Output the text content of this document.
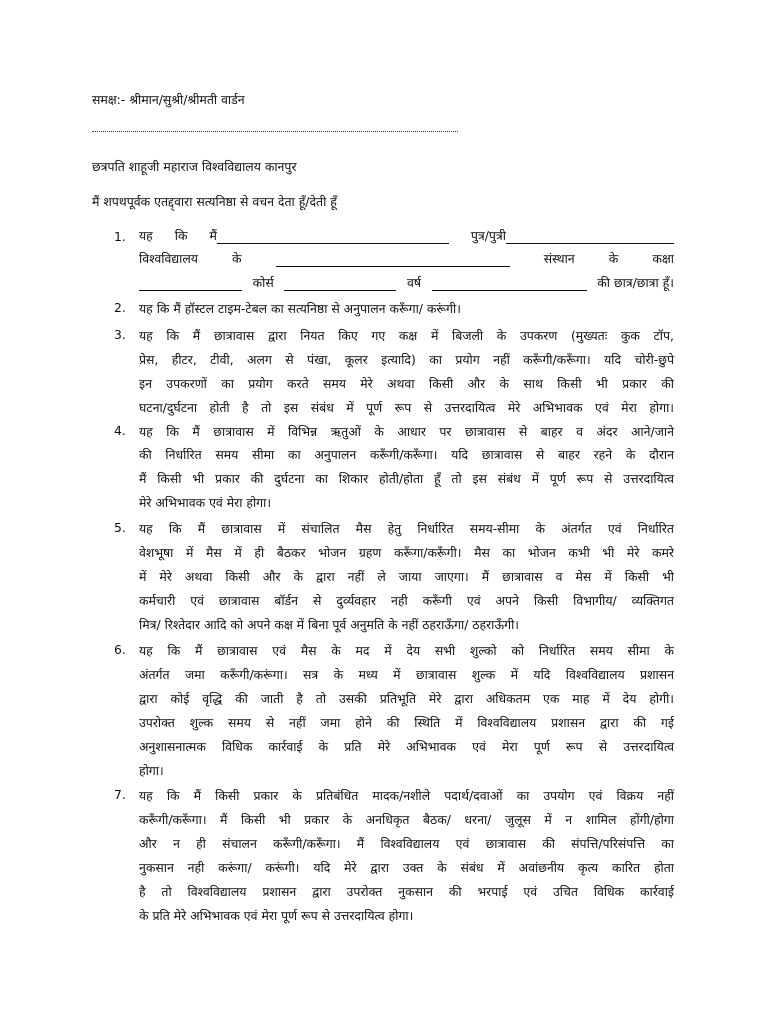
समक्ष:- श्रीमान/सुश्री/श्रीमती वार्डन
छत्रपति शाहूजी महाराज विश्वविद्यालय कानपुर
मैं शपथपूर्वक एतद्द्वारा सत्यनिष्ठा से वचन देता हूँ/देती हूँ
1. यह कि मैं	पुत्र/पुत्री
विश्वविद्यालय	के	संस्थान	के	कक्षा
कोर्स	वर्ष	की छात्र/छात्रा हूँ।
2. यह कि मैं हॉस्टल टाइम-टेबल का सत्यनिष्ठा से अनुपालन करूँगा/ करूंगी।
3. यह कि मैं छात्रावास द्वारा नियत किए गए कक्ष में बिजली के उपकरण (मुख्यतः कुक टॉप,
प्रेस, हीटर, टीवी, अलग से पंखा, कूलर इत्यादि) का प्रयोग नहीं करूँगी/करूँगा। यदि चोरी-छुपे
इन उपकरणों का प्रयोग करते समय मेरे अथवा किसी और के साथ किसी भी प्रकार की
घटना/दुर्घटना होती है तो इस संबंध में पूर्ण रूप से उत्तरदायित्व मेरे अभिभावक एवं मेरा होगा।
4. यह कि मैं छात्रावास में विभिन्न ऋतुओं के आधार पर छात्रावास से बाहर व अंदर आने/जाने
की निर्धारित समय सीमा का अनुपालन करूँगी/करूँगा। यदि छात्रावास से बाहर रहने के दौरान
मैं किसी भी प्रकार की दुर्घटना का शिकार होती/होता हूँ तो इस संबंध में पूर्ण रूप से उत्तरदायित्व
मेरे अभिभावक एवं मेरा होगा।
5. यह कि मैं छात्रावास में संचालित मैस हेतु निर्धारित समय-सीमा के अंतर्गत एवं निर्धारित
वेशभूषा में मैस में ही बैठकर भोजन ग्रहण करूँगा/करूँगी। मैस का भोजन कभी भी मेरे कमरे
में मेरे अथवा किसी और के द्वारा नहीं ले जाया जाएगा। मैं छात्रावास व मेस में किसी भी
कर्मचारी एवं छात्रावास बॉर्डन से दुर्व्यवहार नही करूँगी एवं अपने किसी विभागीय/ व्यक्तिगत
मित्र/ रिश्तेदार आदि को अपने कक्ष में बिना पूर्व अनुमति के नहीं ठहराऊँगा/ ठहराऊँगी।
6. यह कि मैं छात्रावास एवं मैस के मद में देय सभी शुल्को को निर्धारित समय सीमा के
अंतर्गत जमा करूँगी/करूंगा। सत्र के मध्य में छात्रावास शुल्क में यदि विश्वविद्यालय प्रशासन
द्वारा कोई वृद्धि की जाती है तो उसकी प्रतिभूति मेरे द्वारा अधिकतम एक माह में देय होगी।
उपरोक्त शुल्क समय से नहीं जमा होने की स्थिति में विश्वविद्यालय प्रशासन द्वारा की गई
अनुशासनात्मक विधिक कार्रवाई के प्रति मेरे अभिभावक एवं मेरा पूर्ण रूप से उत्तरदायित्व
होगा।
7. यह कि मैं किसी प्रकार के प्रतिबंधित मादक/नशीले पदार्थ/दवाओं का उपयोग एवं विक्रय नहीं
करूँगी/करूँगा। मैं किसी भी प्रकार के अनधिकृत बैठक/ धरना/ जुलूस में न शामिल होंगी/होगा
और न ही संचालन करूँगी/करूँगा। मैं विश्वविद्यालय एवं छात्रावास की संपत्ति/परिसंपत्ति का
नुकसान नही करूंगा/ करूंगी। यदि मेरे द्वारा उक्त के संबंध में अवांछनीय कृत्य कारित होता
है तो विश्वविद्यालय प्रशासन द्वारा उपरोक्त नुकसान की भरपाई एवं उचित विधिक कार्रवाई
के प्रति मेरे अभिभावक एवं मेरा पूर्ण रूप से उत्तरदायित्व होगा।
